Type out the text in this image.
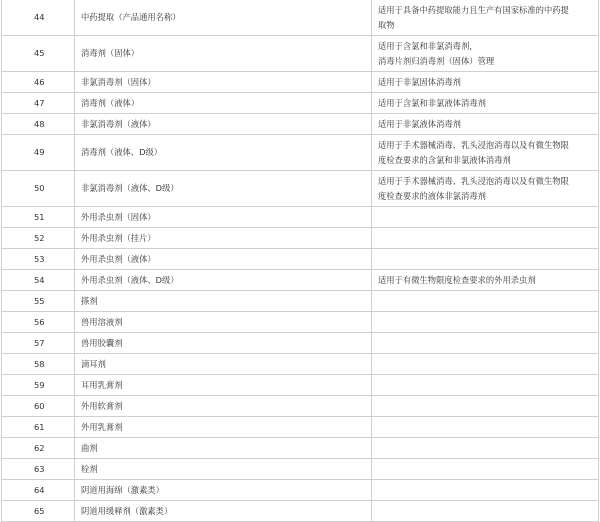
44	中药提取（产品通用名称）	适用于具备中药提取能力且生产有国家标准的中药提
取物

45	消毒剂（固体）	适用于含氯和非氯消毒剂，
消毒片剂归消毒剂（固体）管理

46	非氯消毒剂（固体）	适用于非氯固体消毒剂

47	消毒剂（液体）	适用于含氯和非氯液体消毒剂

48	非氯消毒剂（液体）	适用于非氯液体消毒剂

49	消毒剂（液体、D级）	适用于手术器械消毒、乳头浸泡消毒以及有微生物限
度检查要求的含氯和非氯液体消毒剂

50	非氯消毒剂（液体、D级）	适用于手术器械消毒、乳头浸泡消毒以及有微生物限
度检查要求的液体非氯消毒剂

51	外用杀虫剂（固体）	
52	外用杀虫剂（挂片）	
53	外用杀虫剂（液体）	
54	外用杀虫剂（液体、D级）	适用于有微生物限度检查要求的外用杀虫剂

55	搽剂	
56	兽用溶液剂	
57	兽用胶囊剂	
58	滴耳剂	
59	耳用乳膏剂	
60	外用软膏剂	
61	外用乳膏剂	
62	曲剂	
63	栓剂	
64	阴道用海绵（激素类）	
65	阴道用缓释剂（激素类）	
